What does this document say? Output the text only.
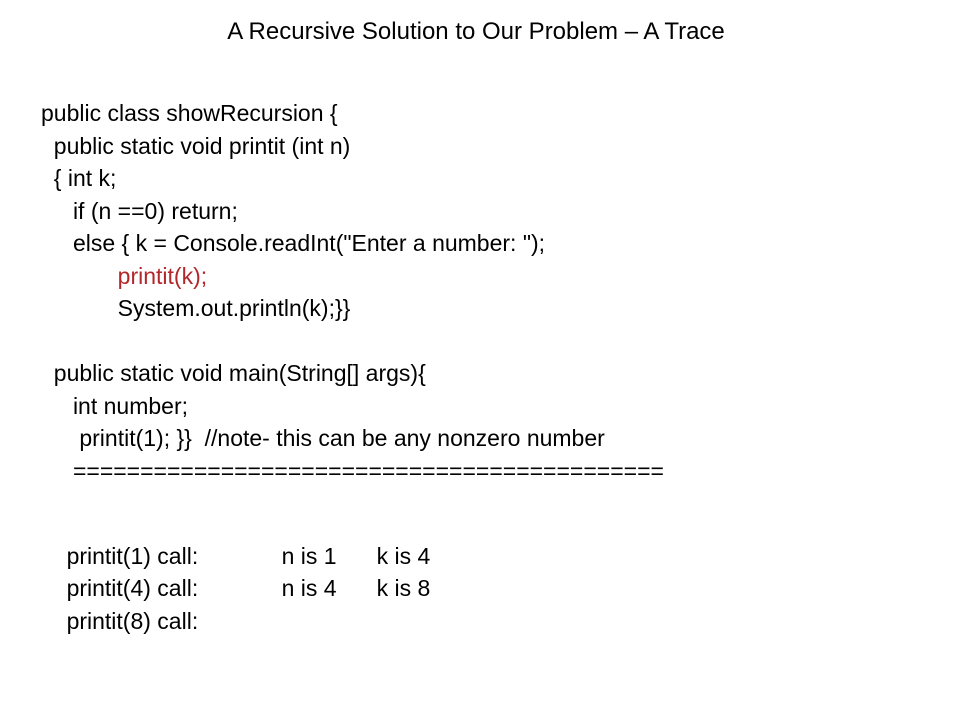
A Recursive Solution to Our Problem – A Trace
public class showRecursion {
public static void printit (int n)
{ int k;
if (n ==0) return;
else { k = Console.readInt("Enter a number: ");
printit(k);
System.out.println(k);}}
public static void main(String[] args){
int number;
printit(1); }}  //note- this can be any nonzero number
============================================

printit(1) call:	n is 1 k is 4

printit(4) call:	n is 4 k is 8

printit(8) call:
